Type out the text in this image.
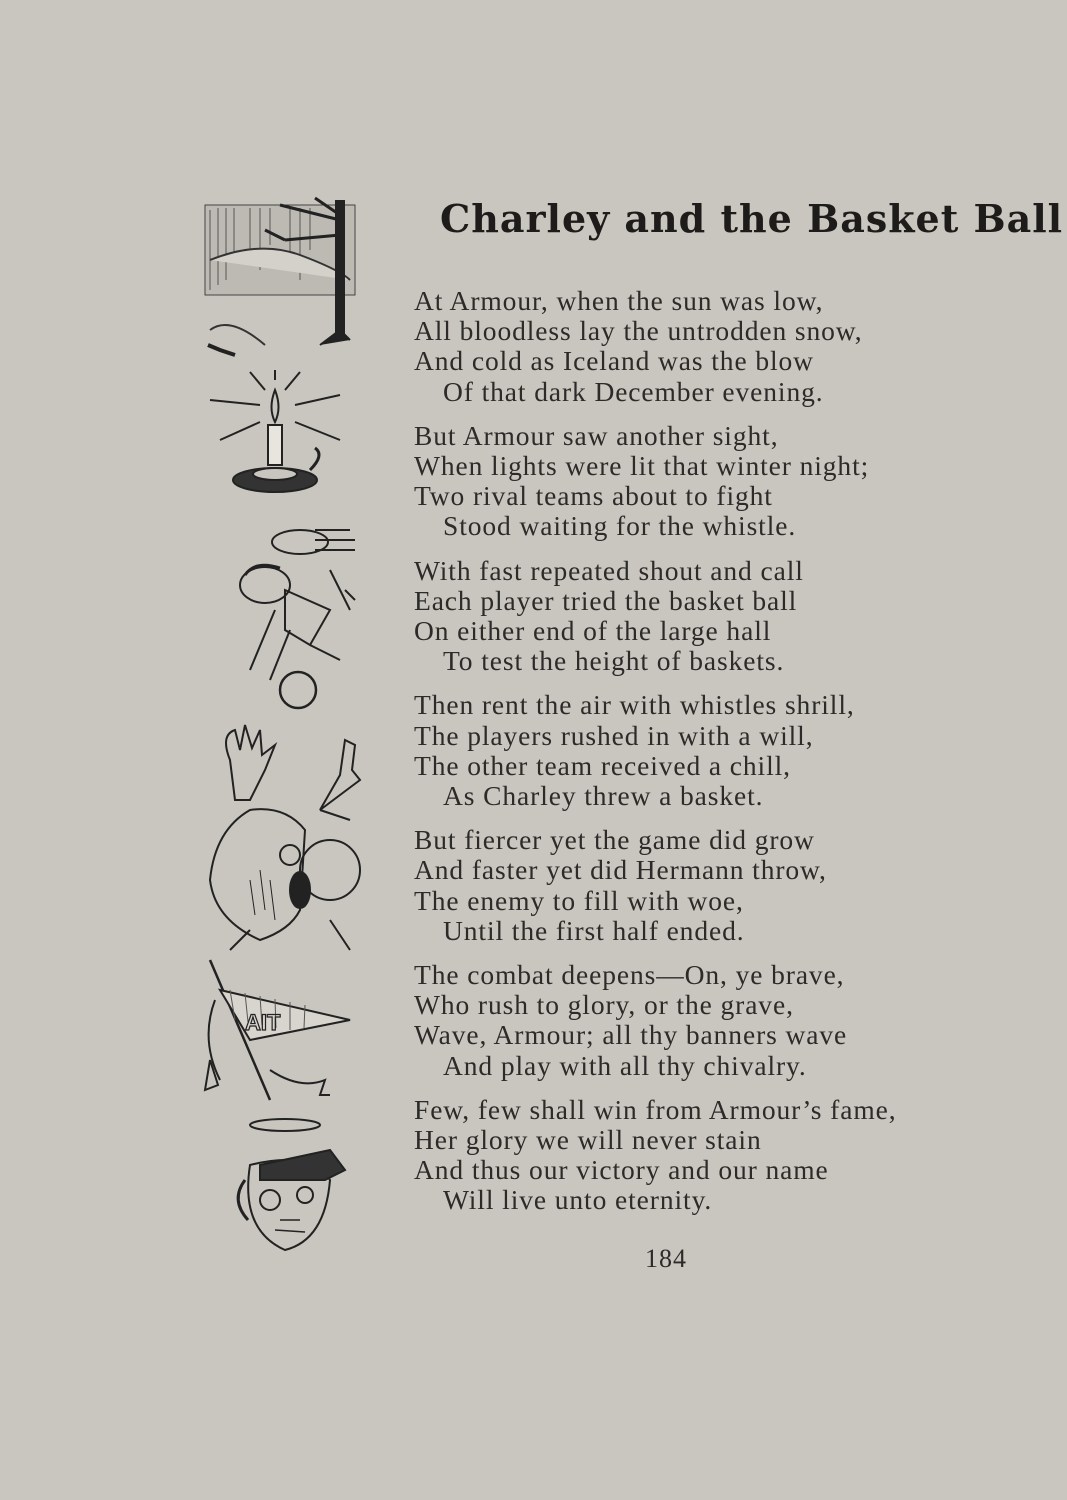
AIT
Charley and the Basket Ball
At Armour, when the sun was low,
All bloodless lay the untrodden snow,
And cold as Iceland was the blow
Of that dark December evening.
But Armour saw another sight,
When lights were lit that winter night;
Two rival teams about to fight
Stood waiting for the whistle.
With fast repeated shout and call
Each player tried the basket ball
On either end of the large hall
To test the height of baskets.
Then rent the air with whistles shrill,
The players rushed in with a will,
The other team received a chill,
As Charley threw a basket.
But fiercer yet the game did grow
And faster yet did Hermann throw,
The enemy to fill with woe,
Until the first half ended.
The combat deepens—On, ye brave,
Who rush to glory, or the grave,
Wave, Armour; all thy banners wave
And play with all thy chivalry.
Few, few shall win from Armour’s fame,
Her glory we will never stain
And thus our victory and our name
Will live unto eternity.
184
